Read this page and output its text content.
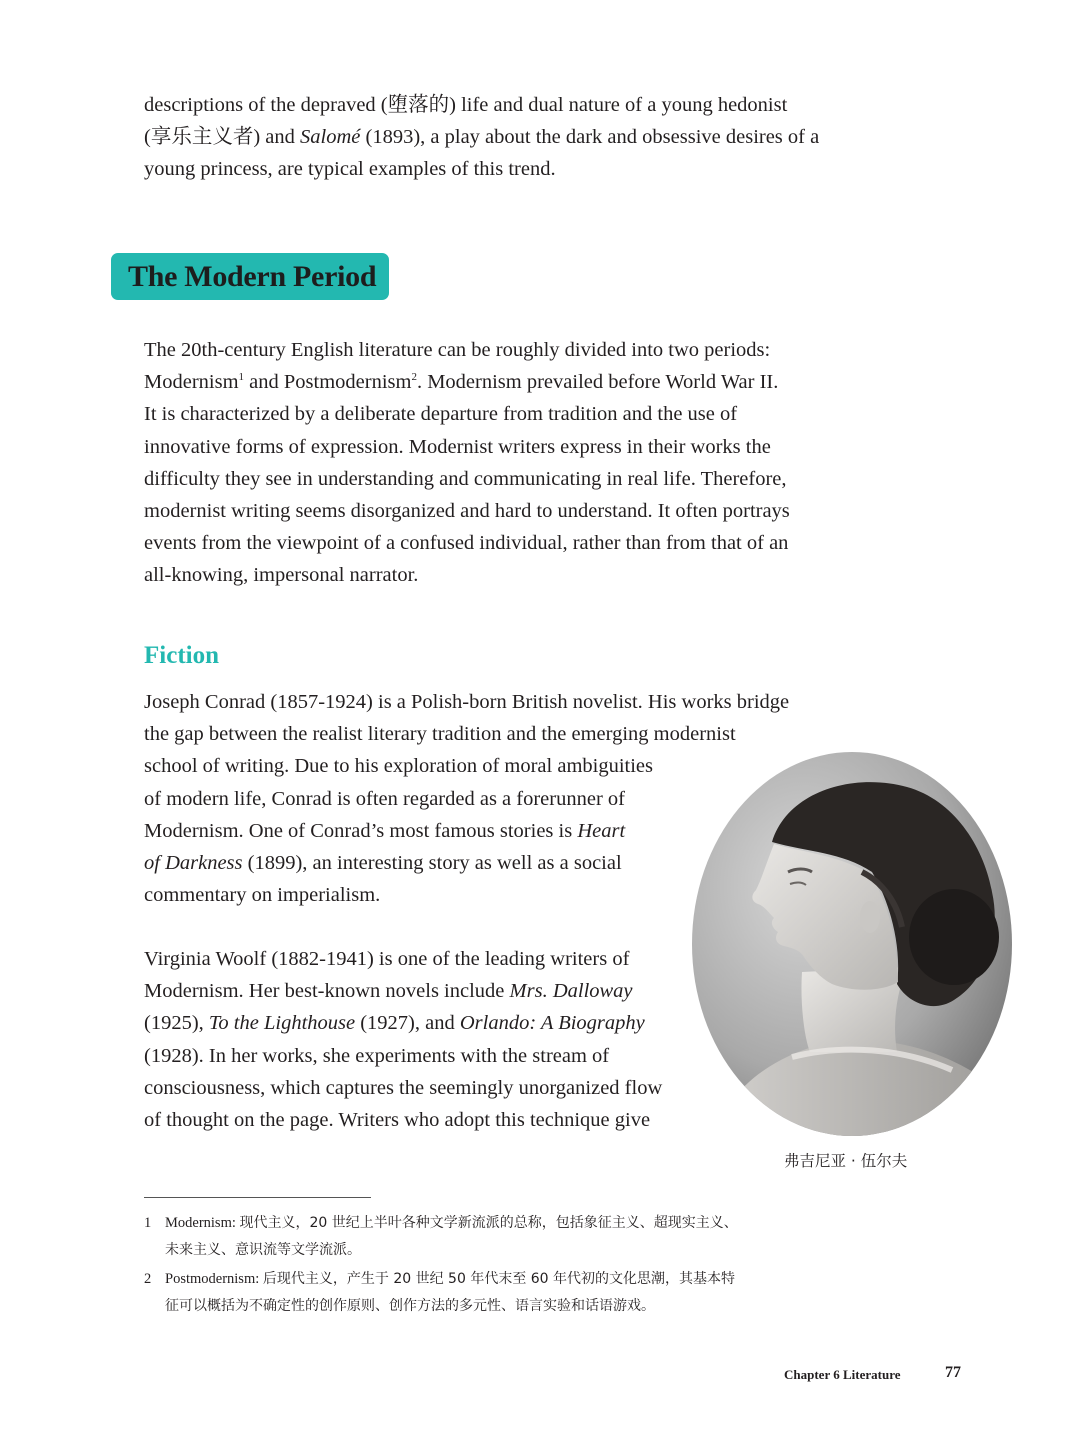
descriptions of the depraved (堕落的) life and dual nature of a young hedonist
(享乐主义者) and Salomé (1893), a play about the dark and obsessive desires of a
young princess, are typical examples of this trend.

The Modern Period

The 20th-century English literature can be roughly divided into two periods:
Modernism$^1$ and Postmodernism$^2$. Modernism prevailed before World War II.
It is characterized by a deliberate departure from tradition and the use of
innovative forms of expression. Modernist writers express in their works the
difficulty they see in understanding and communicating in real life. Therefore,
modernist writing seems disorganized and hard to understand. It often portrays
events from the viewpoint of a confused individual, rather than from that of an
all-knowing, impersonal narrator.

Fiction

Joseph Conrad (1857-1924) is a Polish-born British novelist. His works bridge
the gap between the realist literary tradition and the emerging modernist
school of writing. Due to his exploration of moral ambiguities
of modern life, Conrad is often regarded as a forerunner of
Modernism. One of Conrad’s most famous stories is Heart
of Darkness (1899), an interesting story as well as a social
commentary on imperialism.

Virginia Woolf (1882-1941) is one of the leading writers of
Modernism. Her best-known novels include Mrs. Dalloway
(1925), To the Lighthouse (1927), and Orlando: A Biography
(1928). In her works, she experiments with the stream of
consciousness, which captures the seemingly unorganized flow
of thought on the page. Writers who adopt this technique give

弗吉尼亚 · 伍尔夫
1 Modernism: 现代主义，20 世纪上半叶各种文学新流派的总称，包括象征主义、超现实主义、
未来主义、意识流等文学流派。
2 Postmodernism: 后现代主义，产生于 20 世纪 50 年代末至 60 年代初的文化思潮，其基本特
征可以概括为不确定性的创作原则、创作方法的多元性、语言实验和话语游戏。
Chapter 6 Literature	77
